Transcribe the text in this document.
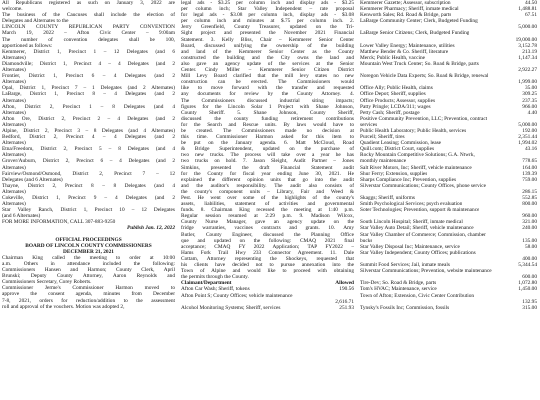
All Republicans registered as such on January 3, 2022 are
welcome.
The business of the Caucuses shall include the election of
Delegates and Alternates to the
LINCOLN COUNTY REPUBLICAN PARTY CONVENTION
March 19, 2022 – Afton Civic Center – 9:00am
The number of convention delegates shall be 100,
apportioned as follows:
Kemmerer, District 1, Precinct 1 – 12 Delegates (and 6
Alternates)
Diamondville; District 1, Precinct 4 – 4 Delegates (and 2
Alternates)
Frontier, District 1, Precinct 6 – 4 Delegates (and 2
Alternates)
Opal, District 1, Precinct 7 – 1 Delegates (and 2 Alternates)
LaBarge, District 1, Precinct 8 – 4 Delegates (and 2
Alternates)
Afton, District 2, Precinct 1 – 8 Delegates (and 4
Alternates)
Afton Ore, District 2, Precinct 2 – 4 Delegates (and 2
Alternates)
Alpine, District 2, Precinct 3 – 8 Delegates (and 4 Alternates)
Bedford, District 2, Precinct 4 – 4 Delegates (and 2
Alternates)
Etna/Freedom, District 2, Precinct 5 – 8 Delegates (and 4
Alternates)
Grover/Auburn, District 2, Precinct 6 – 4 Delegates (and 2
Alternates)
Fairview/Osmond/Osmond, District 2, Precinct 7 – 12
Delegates (and 6 Alternates)
Thayne, District 2, Precinct 8 – 8 Delegates (and 4
Alternates)
Cokeville, District 1, Precinct 9 – 4 Delegates (and 2
Alternates)
Star Valley Ranch, District 1, Precinct 10 – 12 Delegates
(and 6 Alternates)
FOR MORE INFORMATION, CALL 307-883-9250
Publish Jan. 12, 2022
OFFICIAL PROCEEDINGS
BOARD OF LINCOLN COUNTY COMMISSIONERS
DECEMBER 21, 2021
Chairman King called the meeting to order at 10:00
a.m. Others in attendance included the following:
Commissioners Hansen and Harmon; County Clerk, April
Brunski; Deputy County Attorney, Aaron Reynolds and
Commissioners Secretary, Corey Roberts.
Commissioner Jerme's Commissioner Harmon moved to
approve the consent agenda, minutes from December
7-8, 2021, orders for reduction/addition to the assessment
roll and approval of the vouchers. Motion was adopted 2,
legal ads - $3.25 per column inch and display ads - $3.25
per column inch; Star Valley Independent – rate proposal
for legal ads - $3.08 per column inch, display ads - $3.08
per column inch and minutes at $.75 per column inch. 2.
Jerry Greenfield, County Treasurer, updated on the Tri-
Sight project and presented the November 2021 Financial
Statement. 3. Kelly Bliss, Chair – Kemmerer Senior Center
Board, discussed unifying the ownership of the building
and land of the Kemmerer Senior Center as the County
constructed the building and the City owns the land and
also gave an agency update of the services at the Senior
Center. Cindy Miller – Kemmerer Senior Citizen District
Mill Levy Board clarified that the mill levy states no new
construction can be erected. The Commissioners would
like to move forward with the transfer and requested
any documents for review by the County Attorney. 4.
The Commissioners discussed industrial siting impacts;
figures for the Lincoln Solar 1 Project with Shane Johnson,
County Sheriff. 5. Shane Johnson, County Sheriff,
discussed the county funding retirement contributions
for the Search and Rescue units. By laws would have to
be created. The Commissioners made no decision at
this time. Commissioner Harmon asked for this item to
be put on the January agenda. 6. Matt McCloud, Road
& Bridge Superintendent, updated on the purchase of
two new trucks. The process will take over a year he has
two trucks on hold. 7. Jason Sleight, Audit Partner – Jones
Simkins, presented the draft Financial Statement audit
for the County for fiscal year ending June 30, 2021. He
explained the different opinion units that go into the audit
and the auditor's responsibility. The audit also consists of
the county's component units – Library, Fair and Weed &
Pest. He went over some of the highlights of the county's
assets, liabilities, statement of activities and governmental
funds. 8. Chairman King recessed the meeting at 1:40 p.m.
Regular session resumed at 2:29 p.m. 9. Madison Wilcox,
County Nurse Manager, gave an agency update on the
fridge warranties, vaccines contracts and grants. 10. Amy
Butler, County Engineer, discussed the Planning Office
que and updated on the following: CMAQ 2021 final
acceptance; CMAQ FY 2022 Application; TAP FY2022 –
Hams Fork Trail Hwy 233 Connector Agreement. 11. Dale
Cottam, Attorney representing the Shockeys, requested that
his clients have decided not to pursue annexation into the
Town of Alpine and would like to proceed with obtaining
the permits through the County.
Claimant/Department	Allowed
Afton Car Wash; Sheriff, tokens	190.56
Afton Point S; County Offices; vehicle maintenance
2,616.71
Alcohol Monitoring Systems; Sheriff, services	251.93
Kemmerer Gazette; Assessor, subscription	44.50
Kemmerer Pharmacy; Sheriff, inmate medical	1,488.81
Kenworth Sales; Rd. Road & Bridge, parts	67.51
LaBarge Community Center; Clerk, Budgeted Funding
5,000.00
LaBarge Senior Citizens; Clerk, Budgeted Funding
19,000.00
Lower Valley Energy; Maintenance, utilities	3,152.78
Matthew Bender & Co. Sheriff, literature	213.19
Merck; Public Health, vaccine	1,147.34
Mountain West Truck Center; So. Road & Bridge, parts
2,922.27
Noregon Vehicle Data Experts; So. Road & Bridge, renewal
1,999.00
Office Ally; Public Health, claims	35.00
Office Depot; Sheriff, supplies	309.25
Office Products; Assessor, supplies	237.35
Patty Pringle; LCDA/311; wages	966.00
Petty Cash; Sheriff, postage	4.40
Positive Community Prevention, LLC; Prevention, contract
services	5,000.00
Public Health Laboratory; Public Health, services	192.00
Purcell; Sheriff, tires	2,351.44
Quadient Leasing; Commission, lease	1,994.02
Quill.com; District Court, supplies	43.16
Rocky Mountain Competitive Solutions; G.A. Ntwrk,
monthly maintenance	778.65
Salt River Motors, Inc; Sheriff, vehicle maintenance	164.00
Shur Ferry; Extension, supplies	139.39
Sharps Compliance Inc; Prevention, supplies	759.00
Silverstar Communications; County Offices, phone service
286.15
Skaggs; Sheriff, uniforms	552.85
Smith Psychological Services; psych evaluation	800.00
Soter Technologies; Prevention, support & maintenance
960.00
South Lincoln Hospital; Sheriff, inmate medical	321.00
Star Valley Auto Detail; Sheriff, vehicle maintenance	240.00
Star Valley Chamber of Commerce; Commission, chamber
bucks	135.00
Star Valley Disposal Inc; Maintenance, service	58.00
Star Valley Independent; County Offices; publications
400.00
Summit Food Services; Jail, inmate meals	5,344.54
Silverstar Communications; Prevention, website maintenance
600.00
Tire-Dev; So. Road & Bridge, parts	1,072.80
Tom's HVAC; Maintenance, service	1,450.00
Town of Afton; Extension, Civic Center Contribution
132.95
Tynsky's Fossils Inc; Commission, fossils	315.00
